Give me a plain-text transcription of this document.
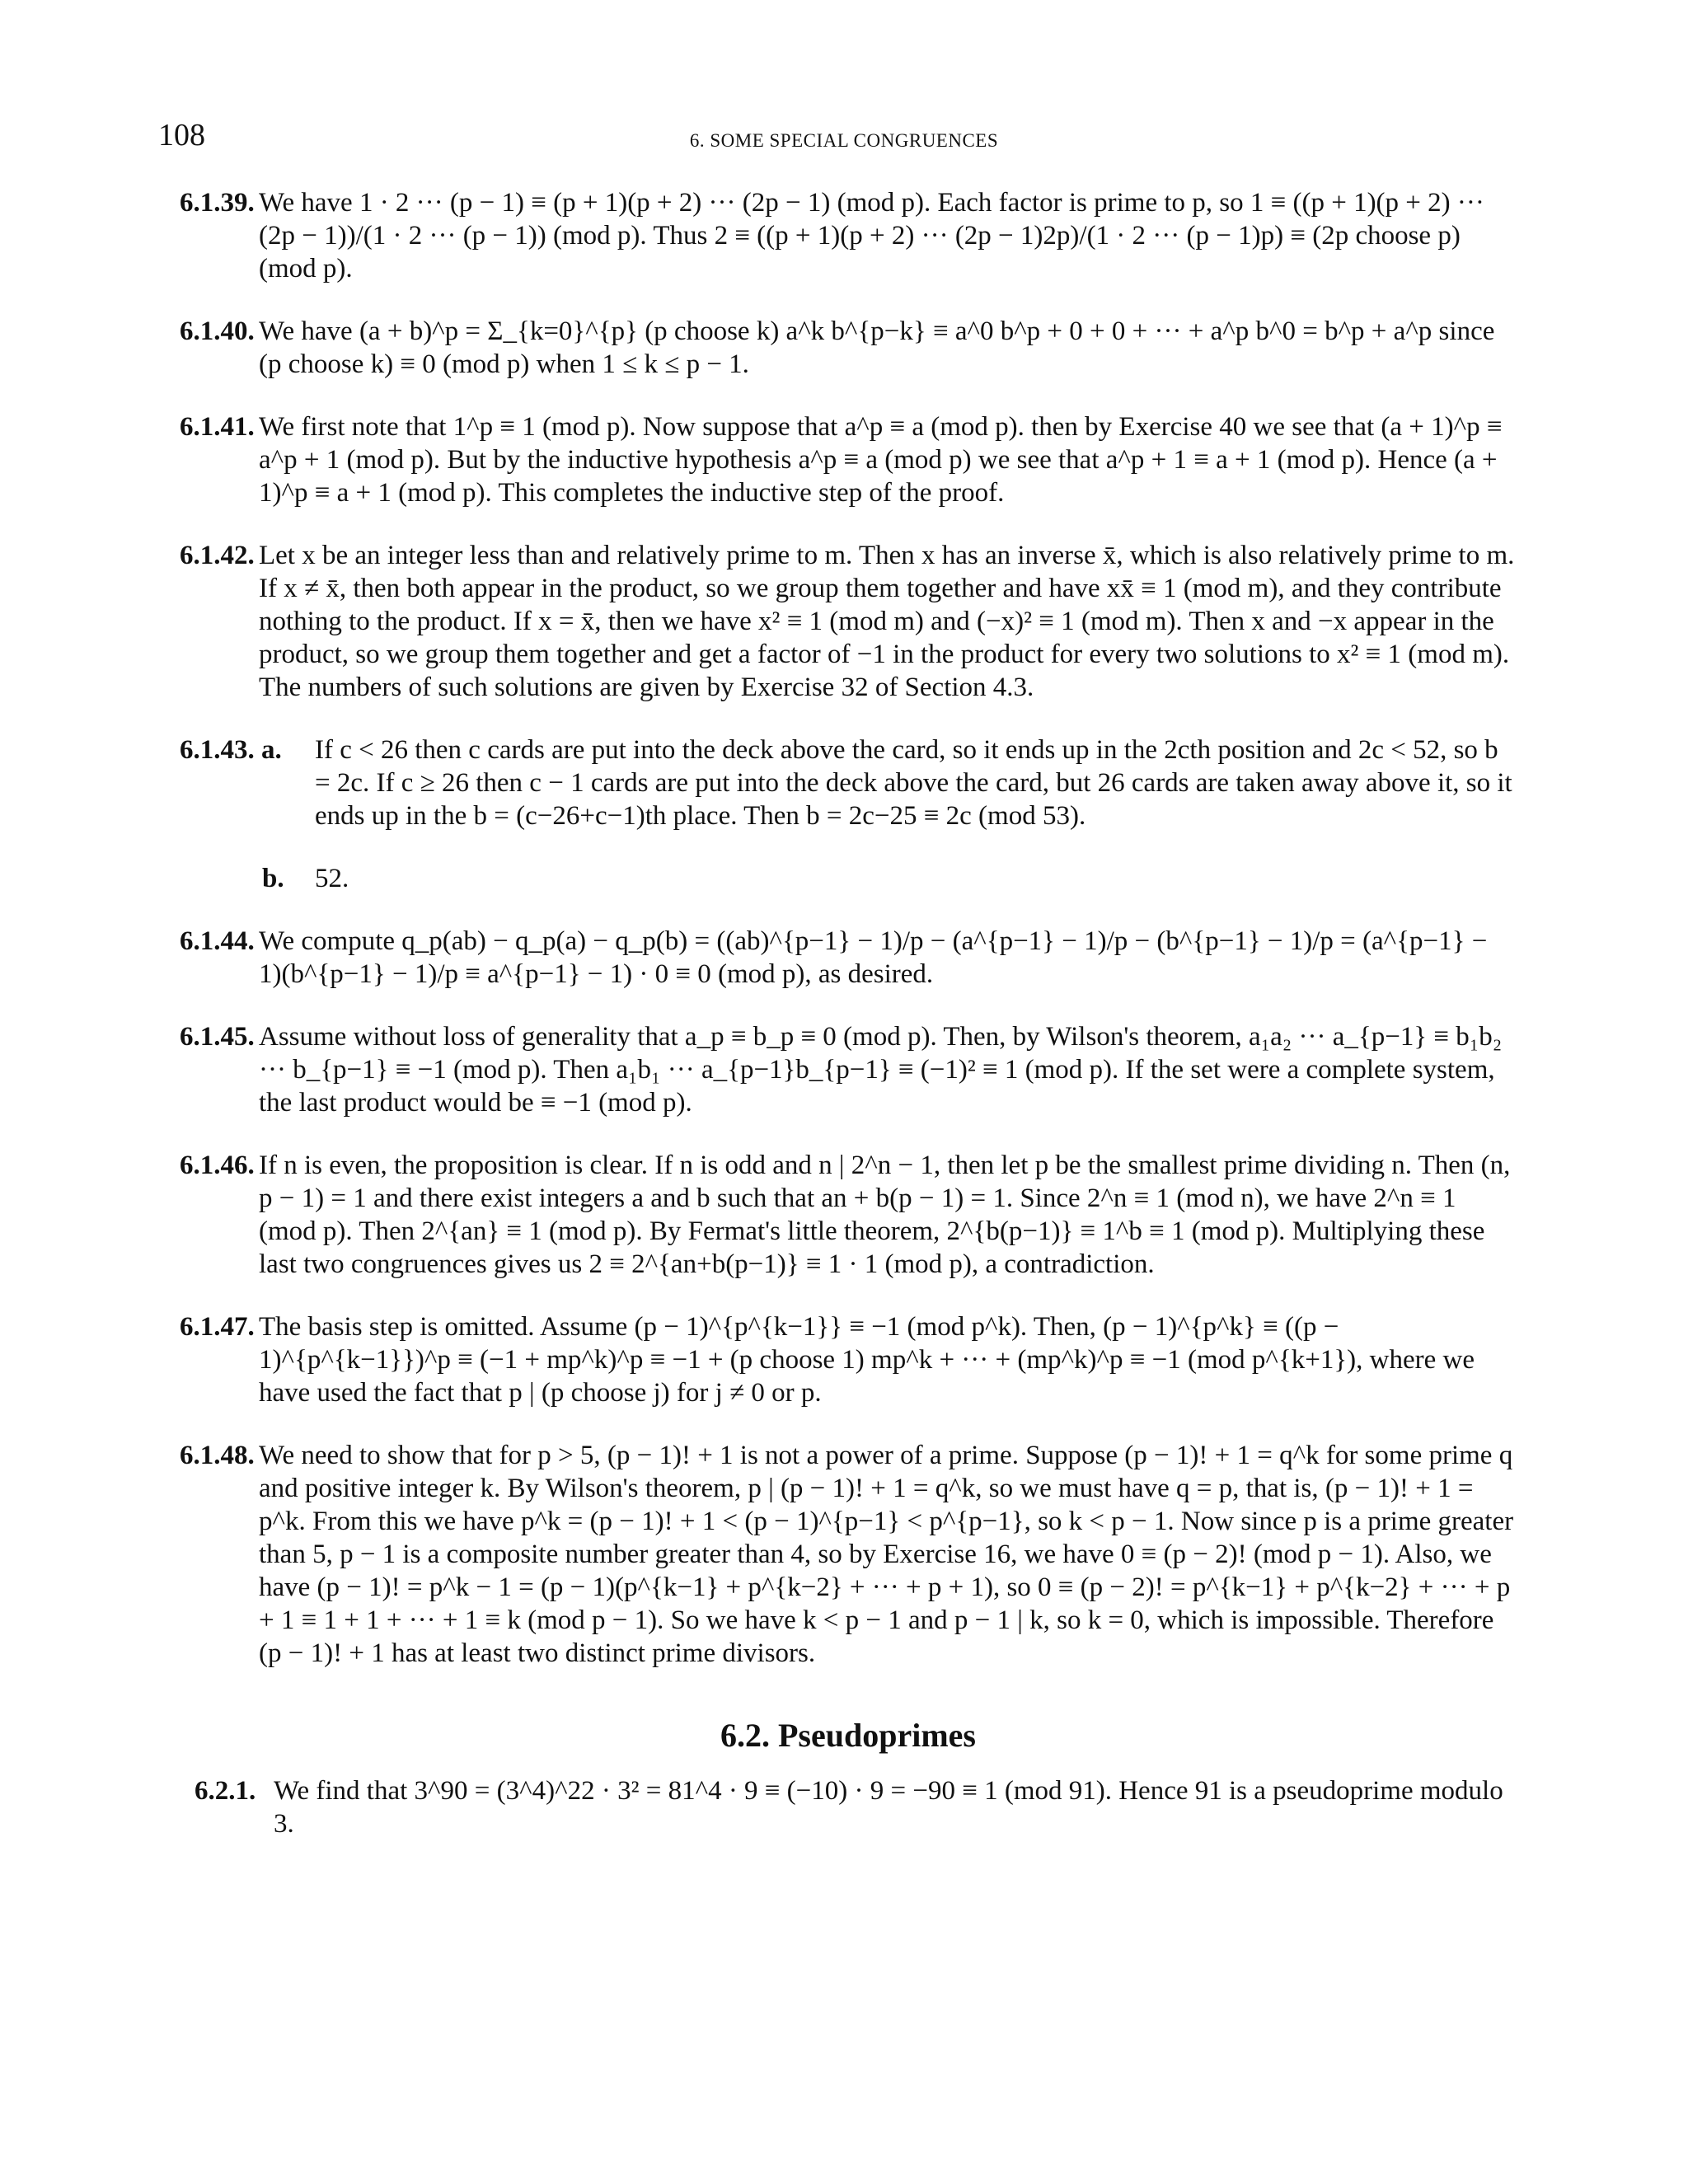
108	6. SOME SPECIAL CONGRUENCES
6.1.39. We have 1 · 2 ··· (p − 1) ≡ (p + 1)(p + 2) ··· (2p − 1) (mod p). Each factor is prime to p, so 1 ≡ ((p + 1)(p + 2) ··· (2p − 1))/(1 · 2 ··· (p − 1)) (mod p). Thus 2 ≡ ((p + 1)(p + 2) ··· (2p − 1)2p)/(1 · 2 ··· (p − 1)p) ≡ (2p choose p) (mod p).
6.1.40. We have (a + b)^p = Σ_{k=0}^{p} (p choose k) a^k b^{p−k} ≡ a^0 b^p + 0 + 0 + ··· + a^p b^0 = b^p + a^p since (p choose k) ≡ 0 (mod p) when 1 ≤ k ≤ p − 1.
6.1.41. We first note that 1^p ≡ 1 (mod p). Now suppose that a^p ≡ a (mod p). then by Exercise 40 we see that (a + 1)^p ≡ a^p + 1 (mod p). But by the inductive hypothesis a^p ≡ a (mod p) we see that a^p + 1 ≡ a + 1 (mod p). Hence (a + 1)^p ≡ a + 1 (mod p). This completes the inductive step of the proof.
6.1.42. Let x be an integer less than and relatively prime to m. Then x has an inverse x̄, which is also relatively prime to m. If x ≠ x̄, then both appear in the product, so we group them together and have xx̄ ≡ 1 (mod m), and they contribute nothing to the product. If x = x̄, then we have x² ≡ 1 (mod m) and (−x)² ≡ 1 (mod m). Then x and −x appear in the product, so we group them together and get a factor of −1 in the product for every two solutions to x² ≡ 1 (mod m). The numbers of such solutions are given by Exercise 32 of Section 4.3.
6.1.43. a. If c < 26 then c cards are put into the deck above the card, so it ends up in the 2cth position and 2c < 52, so b = 2c. If c ≥ 26 then c − 1 cards are put into the deck above the card, but 26 cards are taken away above it, so it ends up in the b = (c−26+c−1)th place. Then b = 2c−25 ≡ 2c (mod 53).
b. 52.
6.1.44. We compute q_p(ab) − q_p(a) − q_p(b) = ((ab)^{p−1} − 1)/p − (a^{p−1} − 1)/p − (b^{p−1} − 1)/p = (a^{p−1} − 1)(b^{p−1} − 1)/p ≡ a^{p−1} − 1) · 0 ≡ 0 (mod p), as desired.
6.1.45. Assume without loss of generality that a_p ≡ b_p ≡ 0 (mod p). Then, by Wilson's theorem, a₁a₂ ··· a_{p−1} ≡ b₁b₂ ··· b_{p−1} ≡ −1 (mod p). Then a₁b₁ ··· a_{p−1}b_{p−1} ≡ (−1)² ≡ 1 (mod p). If the set were a complete system, the last product would be ≡ −1 (mod p).
6.1.46. If n is even, the proposition is clear. If n is odd and n | 2^n − 1, then let p be the smallest prime dividing n. Then (n, p − 1) = 1 and there exist integers a and b such that an + b(p − 1) = 1. Since 2^n ≡ 1 (mod n), we have 2^n ≡ 1 (mod p). Then 2^{an} ≡ 1 (mod p). By Fermat's little theorem, 2^{b(p−1)} ≡ 1^b ≡ 1 (mod p). Multiplying these last two congruences gives us 2 ≡ 2^{an+b(p−1)} ≡ 1 · 1 (mod p), a contradiction.
6.1.47. The basis step is omitted. Assume (p − 1)^{p^{k−1}} ≡ −1 (mod p^k). Then, (p − 1)^{p^k} ≡ ((p − 1)^{p^{k−1}})^p ≡ (−1 + mp^k)^p ≡ −1 + (p choose 1) mp^k + ··· + (mp^k)^p ≡ −1 (mod p^{k+1}), where we have used the fact that p | (p choose j) for j ≠ 0 or p.
6.1.48. We need to show that for p > 5, (p − 1)! + 1 is not a power of a prime. Suppose (p − 1)! + 1 = q^k for some prime q and positive integer k. By Wilson's theorem, p | (p − 1)! + 1 = q^k, so we must have q = p, that is, (p − 1)! + 1 = p^k. From this we have p^k = (p − 1)! + 1 < (p − 1)^{p−1} < p^{p−1}, so k < p − 1. Now since p is a prime greater than 5, p − 1 is a composite number greater than 4, so by Exercise 16, we have 0 ≡ (p − 2)! (mod p − 1). Also, we have (p − 1)! = p^k − 1 = (p − 1)(p^{k−1} + p^{k−2} + ··· + p + 1), so 0 ≡ (p − 2)! = p^{k−1} + p^{k−2} + ··· + p + 1 ≡ 1 + 1 + ··· + 1 ≡ k (mod p − 1). So we have k < p − 1 and p − 1 | k, so k = 0, which is impossible. Therefore (p − 1)! + 1 has at least two distinct prime divisors.
6.2. Pseudoprimes
6.2.1. We find that 3^90 = (3^4)^22 · 3² = 81^4 · 9 ≡ (−10) · 9 = −90 ≡ 1 (mod 91). Hence 91 is a pseudoprime modulo 3.
